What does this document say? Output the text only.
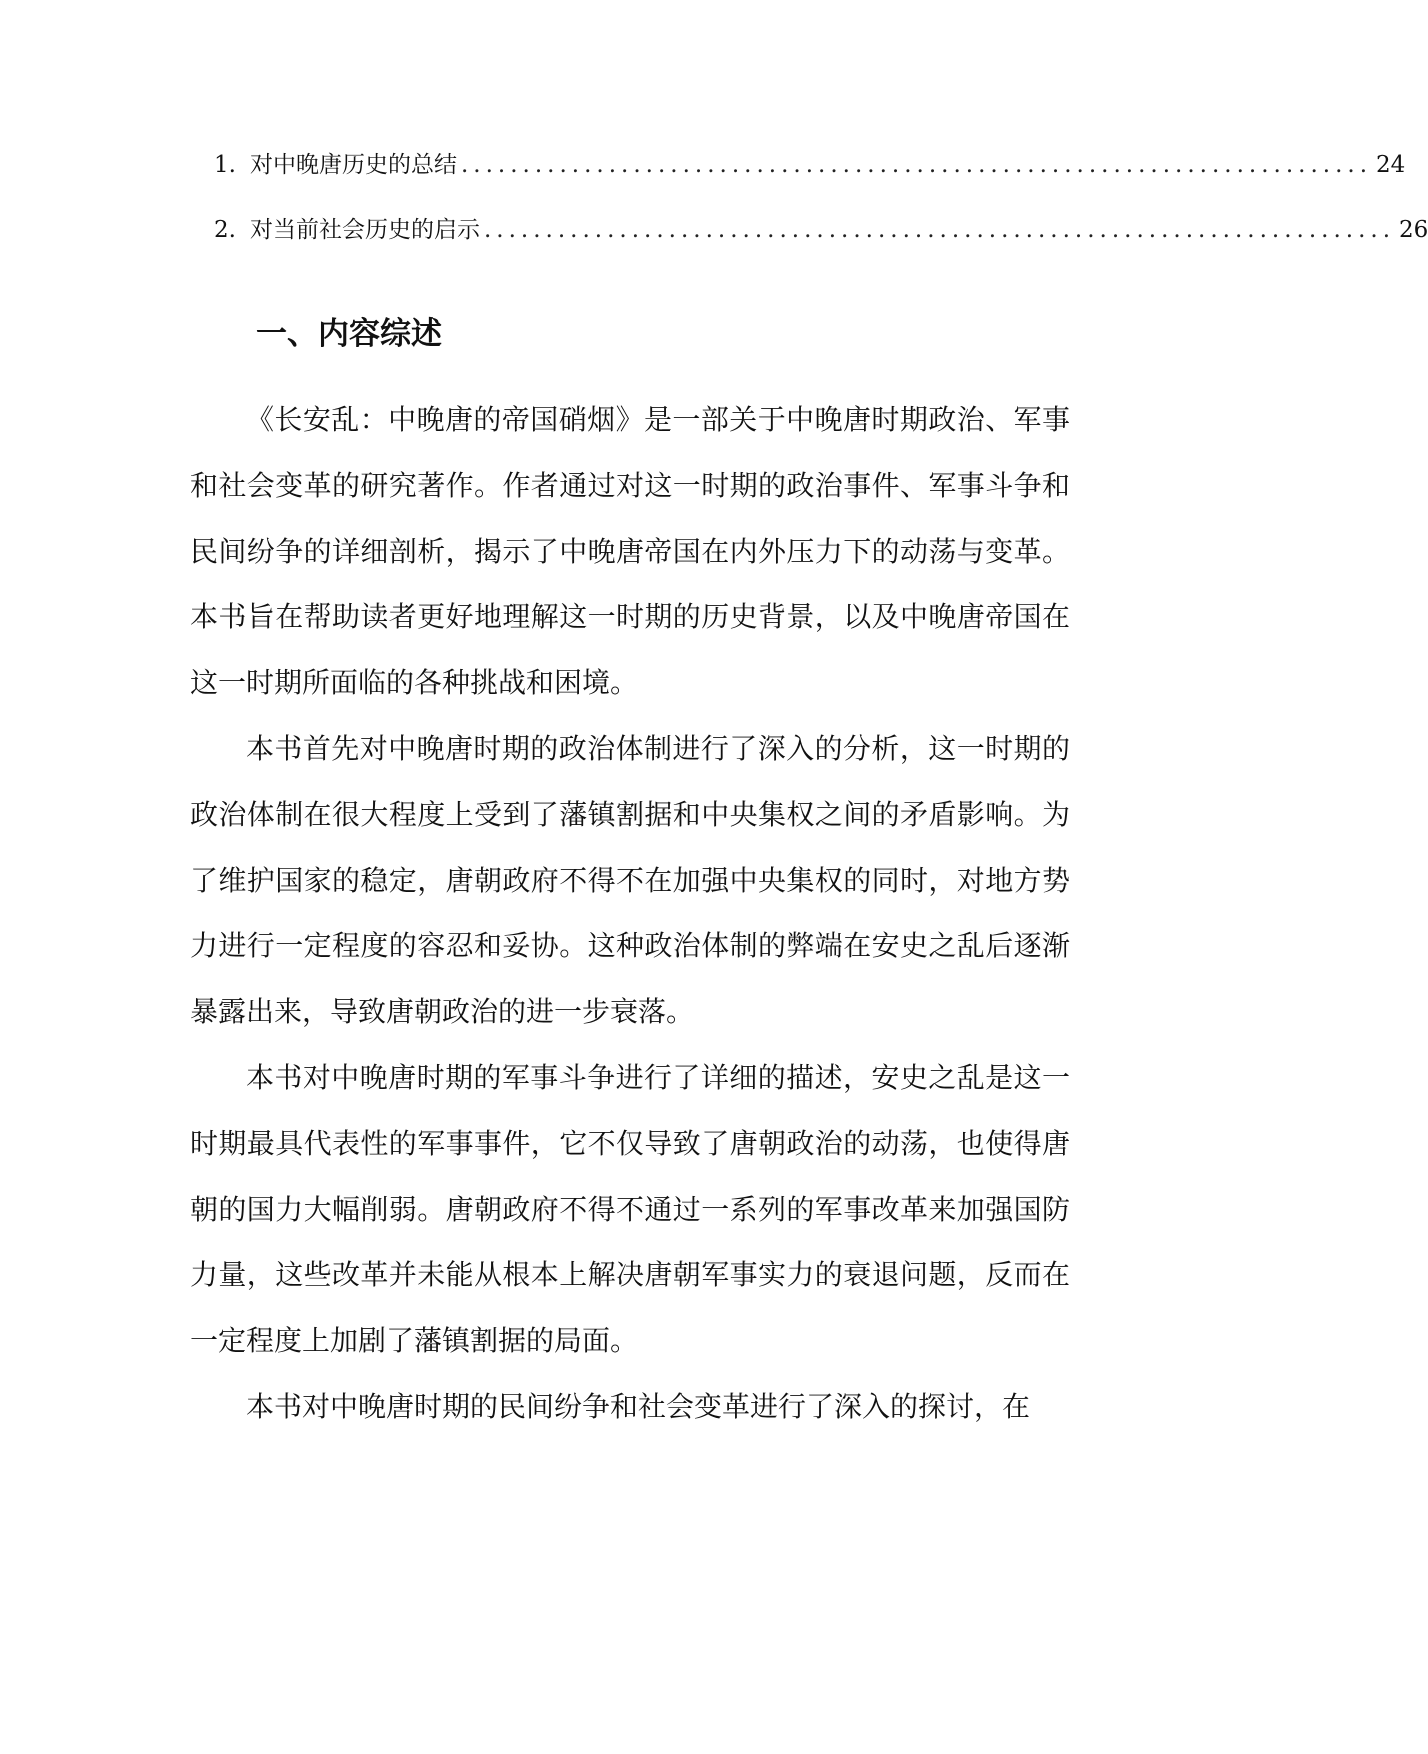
1. 对中晚唐历史的总结 .......................................................................... 24
2. 对当前社会历史的启示 .......................................................................... 26
一、内容综述

《长安乱：中晚唐的帝国硝烟》是一部关于中晚唐时期政治、军事和社会变革的研究著作。作者通过对这一时期的政治事件、军事斗争和民间纷争的详细剖析，揭示了中晚唐帝国在内外压力下的动荡与变革。本书旨在帮助读者更好地理解这一时期的历史背景，以及中晚唐帝国在这一时期所面临的各种挑战和困境。

本书首先对中晚唐时期的政治体制进行了深入的分析，这一时期的政治体制在很大程度上受到了藩镇割据和中央集权之间的矛盾影响。为了维护国家的稳定，唐朝政府不得不在加强中央集权的同时，对地方势力进行一定程度的容忍和妥协。这种政治体制的弊端在安史之乱后逐渐暴露出来，导致唐朝政治的进一步衰落。

本书对中晚唐时期的军事斗争进行了详细的描述，安史之乱是这一时期最具代表性的军事事件，它不仅导致了唐朝政治的动荡，也使得唐朝的国力大幅削弱。唐朝政府不得不通过一系列的军事改革来加强国防力量，这些改革并未能从根本上解决唐朝军事实力的衰退问题，反而在一定程度上加剧了藩镇割据的局面。

本书对中晚唐时期的民间纷争和社会变革进行了深入的探讨，在
